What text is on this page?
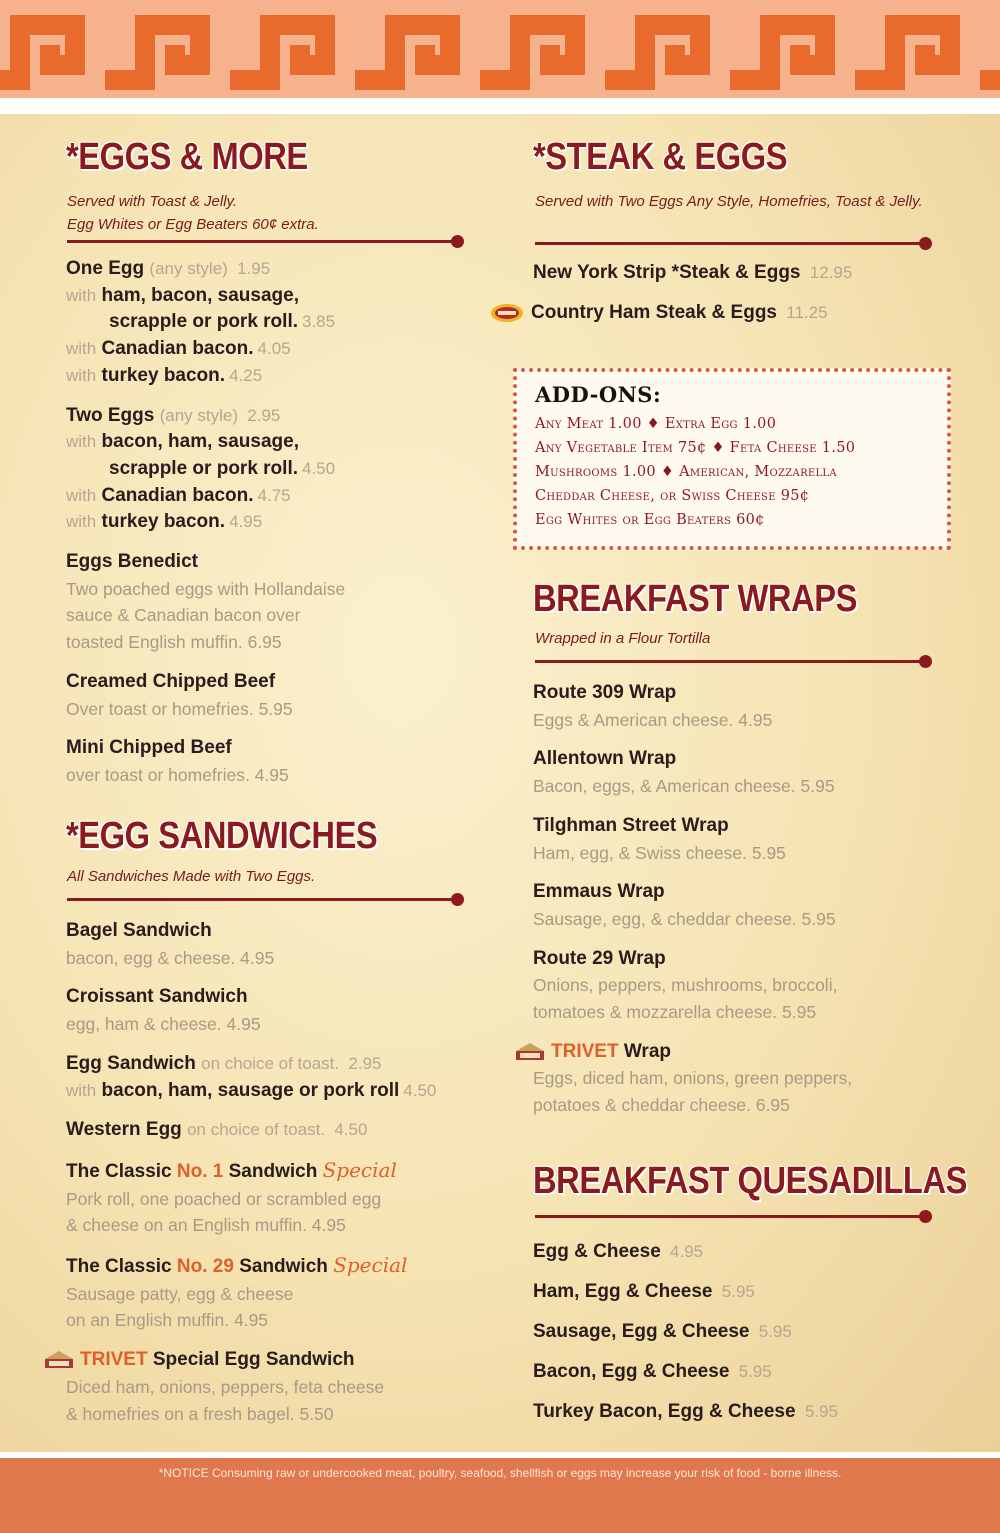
*EGGS & MORE
Served with Toast & Jelly.
Egg Whites or Egg Beaters 60¢ extra.
One Egg (any style) 1.95
with ham, bacon, sausage,
scrapple or pork roll. 3.85
with Canadian bacon. 4.05
with turkey bacon. 4.25
Two Eggs (any style) 2.95
with bacon, ham, sausage,
scrapple or pork roll. 4.50
with Canadian bacon. 4.75
with turkey bacon. 4.95
Eggs Benedict
Two poached eggs with Hollandaise
sauce & Canadian bacon over
toasted English muffin. 6.95
Creamed Chipped Beef
Over toast or homefries. 5.95
Mini Chipped Beef
over toast or homefries. 4.95
*EGG SANDWICHES
All Sandwiches Made with Two Eggs.
Bagel Sandwich
bacon, egg & cheese. 4.95
Croissant Sandwich
egg, ham & cheese. 4.95
Egg Sandwich on choice of toast. 2.95
with bacon, ham, sausage or pork roll 4.50
Western Egg on choice of toast. 4.50
The Classic No. 1 Sandwich Special
Pork roll, one poached or scrambled egg
& cheese on an English muffin. 4.95
The Classic No. 29 Sandwich Special
Sausage patty, egg & cheese
on an English muffin. 4.95
TRIVET Special Egg Sandwich
Diced ham, onions, peppers, feta cheese
& homefries on a fresh bagel. 5.50
*STEAK & EGGS
Served with Two Eggs Any Style, Homefries, Toast & Jelly.
New York Strip *Steak & Eggs 12.95
Country Ham Steak & Eggs 11.25
ADD-ONS:
Any Meat 1.00 ♦ Extra Egg 1.00
Any Vegetable Item 75¢ ♦ Feta Cheese 1.50
Mushrooms 1.00 ♦ American, Mozzarella
Cheddar Cheese, or Swiss Cheese 95¢
Egg Whites or Egg Beaters 60¢
BREAKFAST WRAPS
Wrapped in a Flour Tortilla
Route 309 Wrap
Eggs & American cheese. 4.95
Allentown Wrap
Bacon, eggs, & American cheese. 5.95
Tilghman Street Wrap
Ham, egg, & Swiss cheese. 5.95
Emmaus Wrap
Sausage, egg, & cheddar cheese. 5.95
Route 29 Wrap
Onions, peppers, mushrooms, broccoli,
tomatoes & mozzarella cheese. 5.95
TRIVET Wrap
Eggs, diced ham, onions, green peppers,
potatoes & cheddar cheese. 6.95
BREAKFAST QUESADILLAS
Egg & Cheese 4.95
Ham, Egg & Cheese 5.95
Sausage, Egg & Cheese 5.95
Bacon, Egg & Cheese 5.95
Turkey Bacon, Egg & Cheese 5.95
*NOTICE Consuming raw or undercooked meat, poultry, seafood, shellfish or eggs may increase your risk of food - borne illness.
